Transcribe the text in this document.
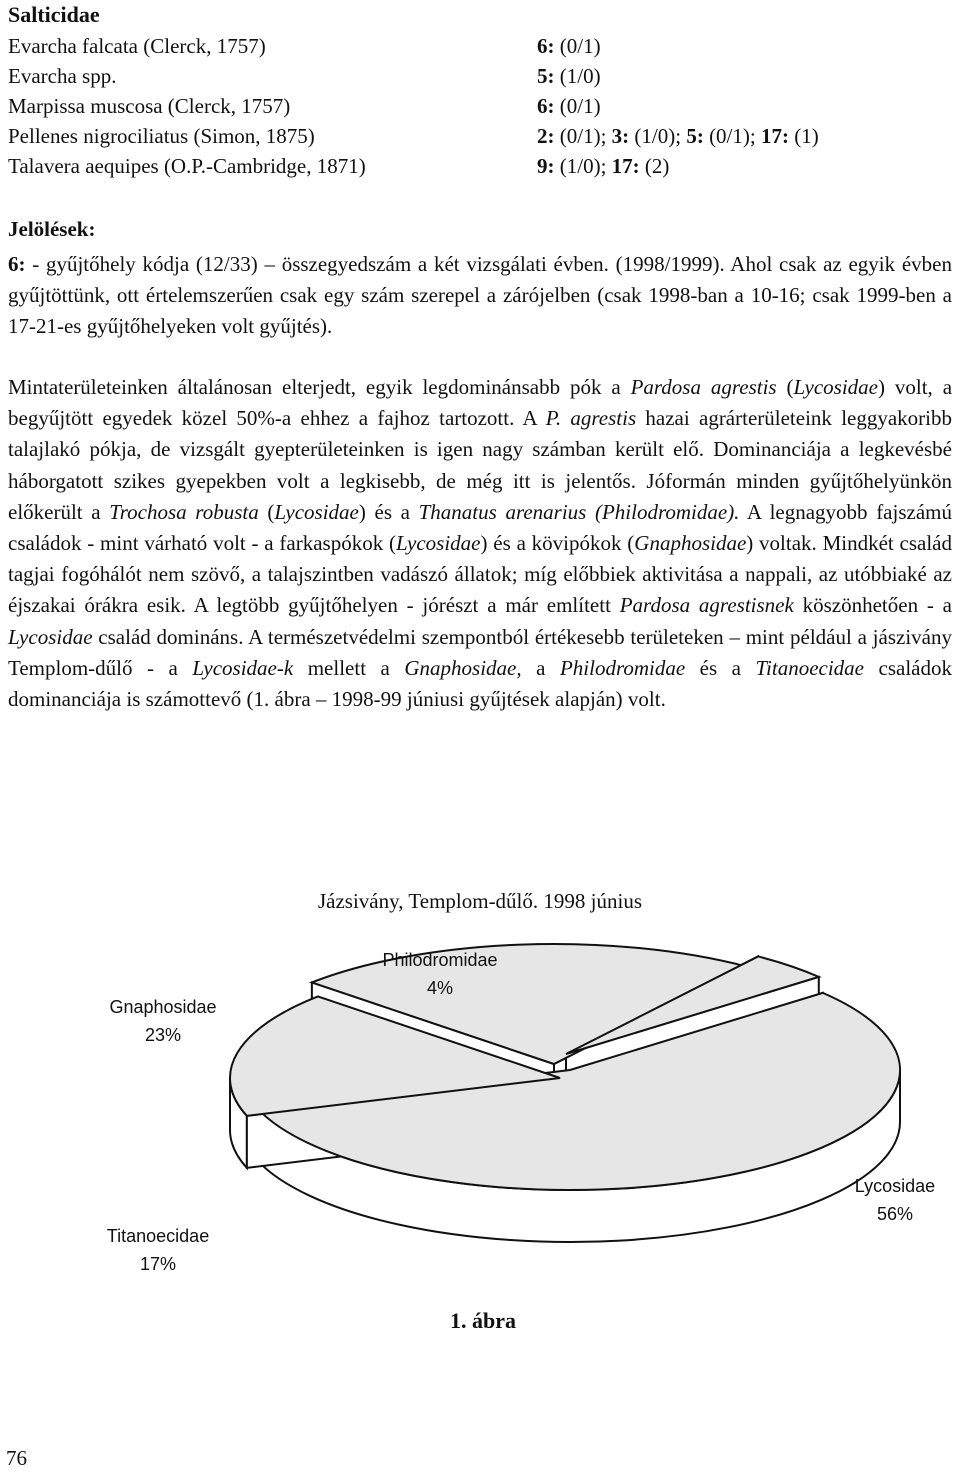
Salticidae
Evarcha falcata (Clerck, 1757)	6: (0/1)
Evarcha spp.	5: (1/0)
Marpissa muscosa (Clerck, 1757)	6: (0/1)
Pellenes nigrociliatus (Simon, 1875)	2: (0/1); 3: (1/0); 5: (0/1); 17: (1)
Talavera aequipes (O.P.-Cambridge, 1871)	9: (1/0); 17: (2)
Jelölések:

6: - gyűjtőhely kódja (12/33) – összegyedszám a két vizsgálati évben. (1998/1999). Ahol csak az egyik évben gyűjtöttünk, ott értelemszerűen csak egy szám szerepel a zárójelben (csak 1998-ban a 10-16; csak 1999-ben a 17-21-es gyűjtőhelyeken volt gyűjtés).

Mintaterületeinken általánosan elterjedt, egyik legdominánsabb pók a Pardosa agrestis (Lycosidae) volt, a begyűjtött egyedek közel 50%-a ehhez a fajhoz tartozott. A P. agrestis hazai agrárterületeink leggyakoribb talajlakó pókja, de vizsgált gyepterületeinken is igen nagy számban került elő. Dominanciája a legkevésbé háborgatott szikes gyepekben volt a legkisebb, de még itt is jelentős. Jóformán minden gyűjtőhelyünkön előkerült a Trochosa robusta (Lycosidae) és a Thanatus arenarius (Philodromidae). A legnagyobb fajszámú családok - mint várható volt - a farkaspókok (Lycosidae) és a kövipókok (Gnaphosidae) voltak. Mindkét család tagjai fogóhálót nem szövő, a talajszintben vadászó állatok; míg előbbiek aktivitása a nappali, az utóbbiaké az éjszakai órákra esik. A legtöbb gyűjtőhelyen - jórészt a már említett Pardosa agrestisnek köszönhetően - a Lycosidae család domináns. A természetvédelmi szempontból értékesebb területeken – mint például a jászivány Templom-dűlő - a Lycosidae-k mellett a Gnaphosidae, a Philodromidae és a Titanoecidae családok dominanciája is számottevő (1. ábra – 1998-99 júniusi gyűjtések alapján) volt.

Jázsivány, Templom-dűlő. 1998 június
Lycosidae
56%
Titanoecidae
17%
Gnaphosidae
23%
Philodromidae
4%
1. ábra
76
